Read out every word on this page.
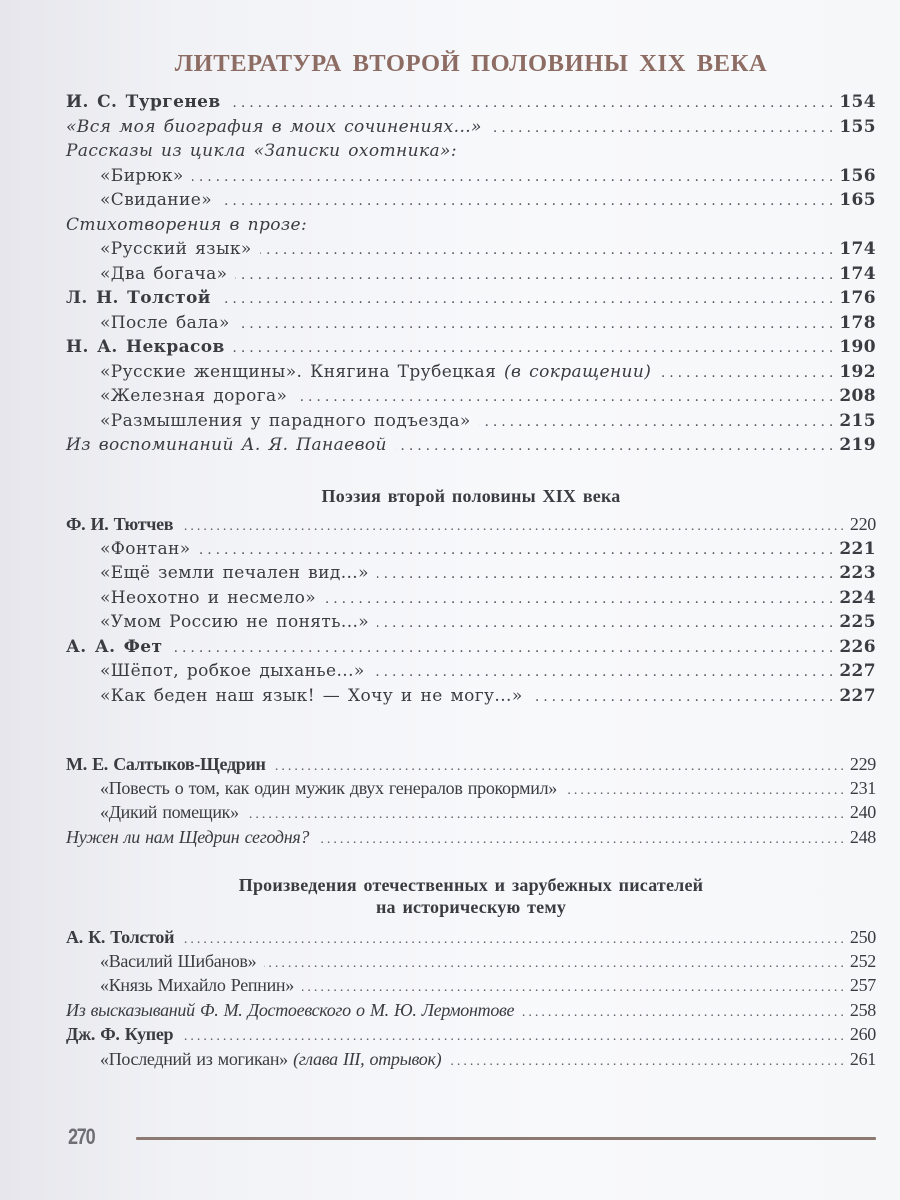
ЛИТЕРАТУРА ВТОРОЙ ПОЛОВИНЫ XIX ВЕКА
И. С. Тургенев . . .	154
«Вся моя биография в моих сочинениях...» . . .	155
Рассказы из цикла «Записки охотника»:
«Бирюк» . . .	156
«Свидание» . . .	165
Стихотворения в прозе:
«Русский язык» . . .	174
«Два богача» . . .	174
Л. Н. Толстой . . .	176
«После бала» . . .	178
Н. А. Некрасов . . .	190
«Русские женщины». Княгина Трубецкая (в сокращении) . . .	192
«Железная дорога» . . .	208
«Размышления у парадного подъезда» . . .	215
Из воспоминаний А. Я. Панаевой . . .	219
Поэзия второй половины XIX века
Ф. И. Тютчев . . .	220
«Фонтан» . . .	221
«Ещё земли печален вид...» . . .	223
«Неохотно и несмело» . . .	224
«Умом Россию не понять...» . . .	225
А. А. Фет . . .	226
«Шёпот, робкое дыханье...» . . .	227
«Как беден наш язык! — Хочу и не могу...» . . .	227
М. Е. Салтыков-Щедрин . . .	229
«Повесть о том, как один мужик двух генералов прокормил» . . .	231
«Дикий помещик» . . .	240
Нужен ли нам Щедрин сегодня? . . .	248
Произведения отечественных и зарубежных писателей
на историческую тему
А. К. Толстой . . .	250
«Василий Шибанов» . . .	252
«Князь Михайло Репнин» . . .	257
Из высказываний Ф. М. Достоевского о М. Ю. Лермонтове . . .	258
Дж. Ф. Купер . . .	260
«Последний из могикан» (глава III, отрывок) . . .	261
270
